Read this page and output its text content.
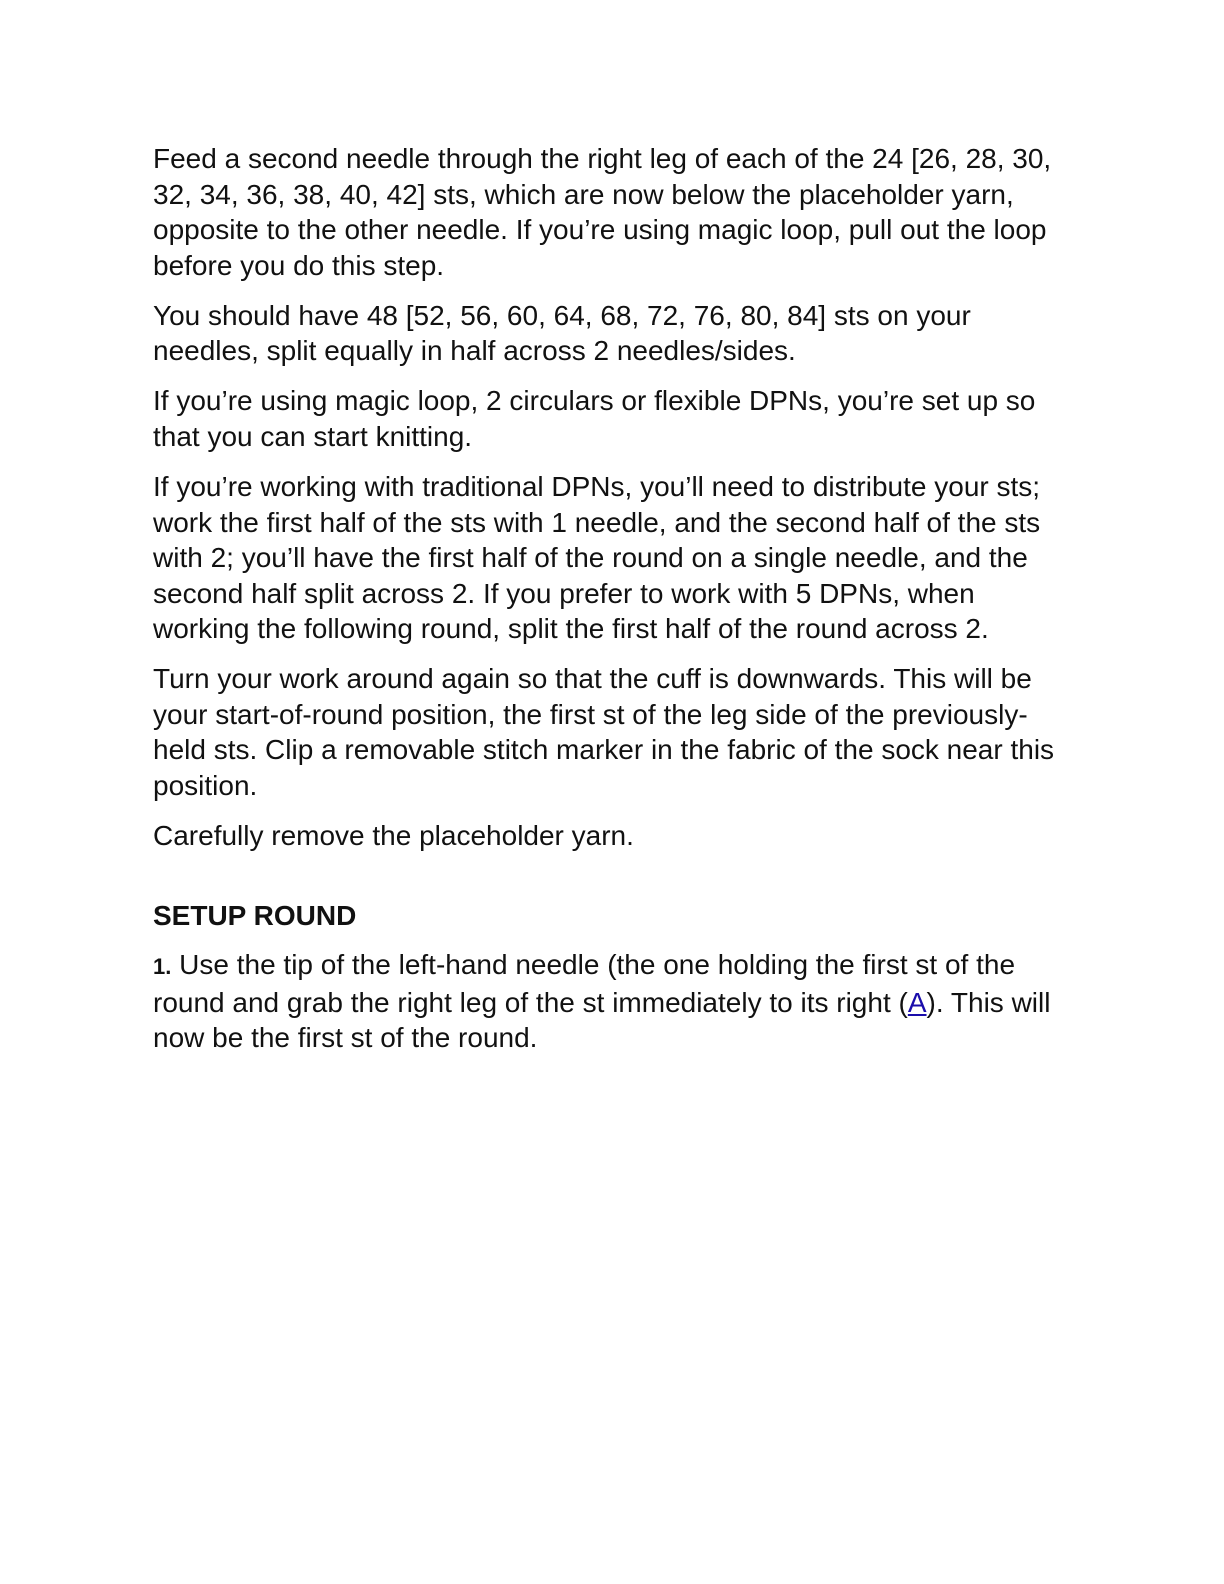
Feed a second needle through the right leg of each of the 24 [26, 28, 30, 32, 34, 36, 38, 40, 42] sts, which are now below the placeholder yarn, opposite to the other needle. If you’re using magic loop, pull out the loop before you do this step.

You should have 48 [52, 56, 60, 64, 68, 72, 76, 80, 84] sts on your needles, split equally in half across 2 needles/sides.

If you’re using magic loop, 2 circulars or flexible DPNs, you’re set up so that you can start knitting.

If you’re working with traditional DPNs, you’ll need to distribute your sts; work the first half of the sts with 1 needle, and the second half of the sts with 2; you’ll have the first half of the round on a single needle, and the second half split across 2. If you prefer to work with 5 DPNs, when working the following round, split the first half of the round across 2.

Turn your work around again so that the cuff is downwards. This will be your start-of-round position, the first st of the leg side of the previously-held sts. Clip a removable stitch marker in the fabric of the sock near this position.

Carefully remove the placeholder yarn.

SETUP ROUND

1. Use the tip of the left-hand needle (the one holding the first st of the round and grab the right leg of the st immediately to its right (A). This will now be the first st of the round.
